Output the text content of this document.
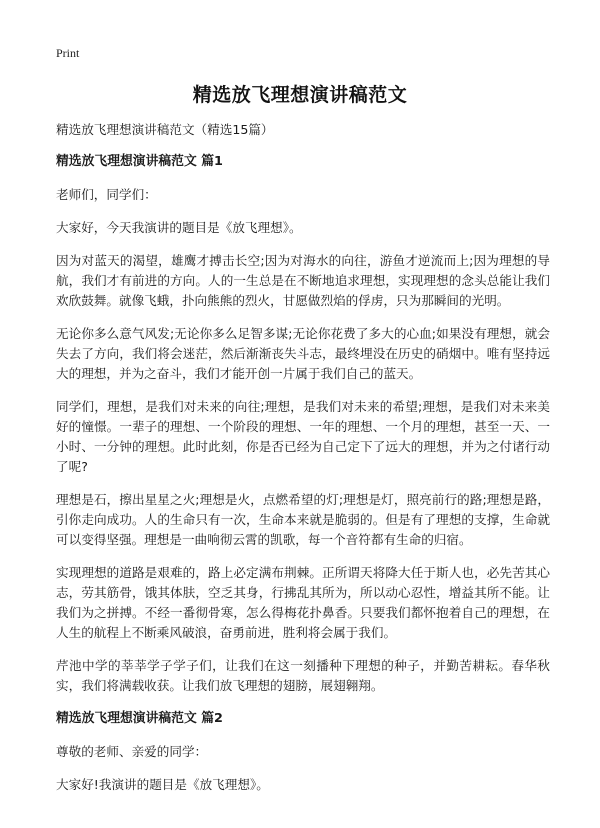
Print
精选放飞理想演讲稿范文

精选放飞理想演讲稿范文（精选15篇）

精选放飞理想演讲稿范文 篇1

老师们，同学们：

大家好，今天我演讲的题目是《放飞理想》。

因为对蓝天的渴望，雄鹰才搏击长空;因为对海水的向往，游鱼才逆流而上;因为理想的导航，我们才有前进的方向。人的一生总是在不断地追求理想，实现理想的念头总能让我们欢欣鼓舞。就像飞蛾，扑向熊熊的烈火，甘愿做烈焰的俘虏，只为那瞬间的光明。

无论你多么意气风发;无论你多么足智多谋;无论你花费了多大的心血;如果没有理想，就会失去了方向，我们将会迷茫，然后渐渐丧失斗志，最终埋没在历史的硝烟中。唯有坚持远大的理想，并为之奋斗，我们才能开创一片属于我们自己的蓝天。

同学们，理想，是我们对未来的向往;理想，是我们对未来的希望;理想，是我们对未来美好的憧憬。一辈子的理想、一个阶段的理想、一年的理想、一个月的理想，甚至一天、一小时、一分钟的理想。此时此刻，你是否已经为自己定下了远大的理想，并为之付诸行动了呢?

理想是石，擦出星星之火;理想是火，点燃希望的灯;理想是灯，照亮前行的路;理想是路，引你走向成功。人的生命只有一次，生命本来就是脆弱的。但是有了理想的支撑，生命就可以变得坚强。理想是一曲响彻云霄的凯歌，每一个音符都有生命的归宿。

实现理想的道路是艰难的，路上必定满布荆棘。正所谓天将降大任于斯人也，必先苦其心志，劳其筋骨，饿其体肤，空乏其身，行拂乱其所为，所以动心忍性，增益其所不能。让我们为之拼搏。不经一番彻骨寒，怎么得梅花扑鼻香。只要我们都怀抱着自己的理想，在人生的航程上不断乘风破浪，奋勇前进，胜利将会属于我们。

芹池中学的莘莘学子学子们，让我们在这一刻播种下理想的种子，并勤苦耕耘。春华秋实，我们将满载收获。让我们放飞理想的翅膀，展翅翱翔。

精选放飞理想演讲稿范文 篇2

尊敬的老师、亲爱的同学：

大家好!我演讲的题目是《放飞理想》。
